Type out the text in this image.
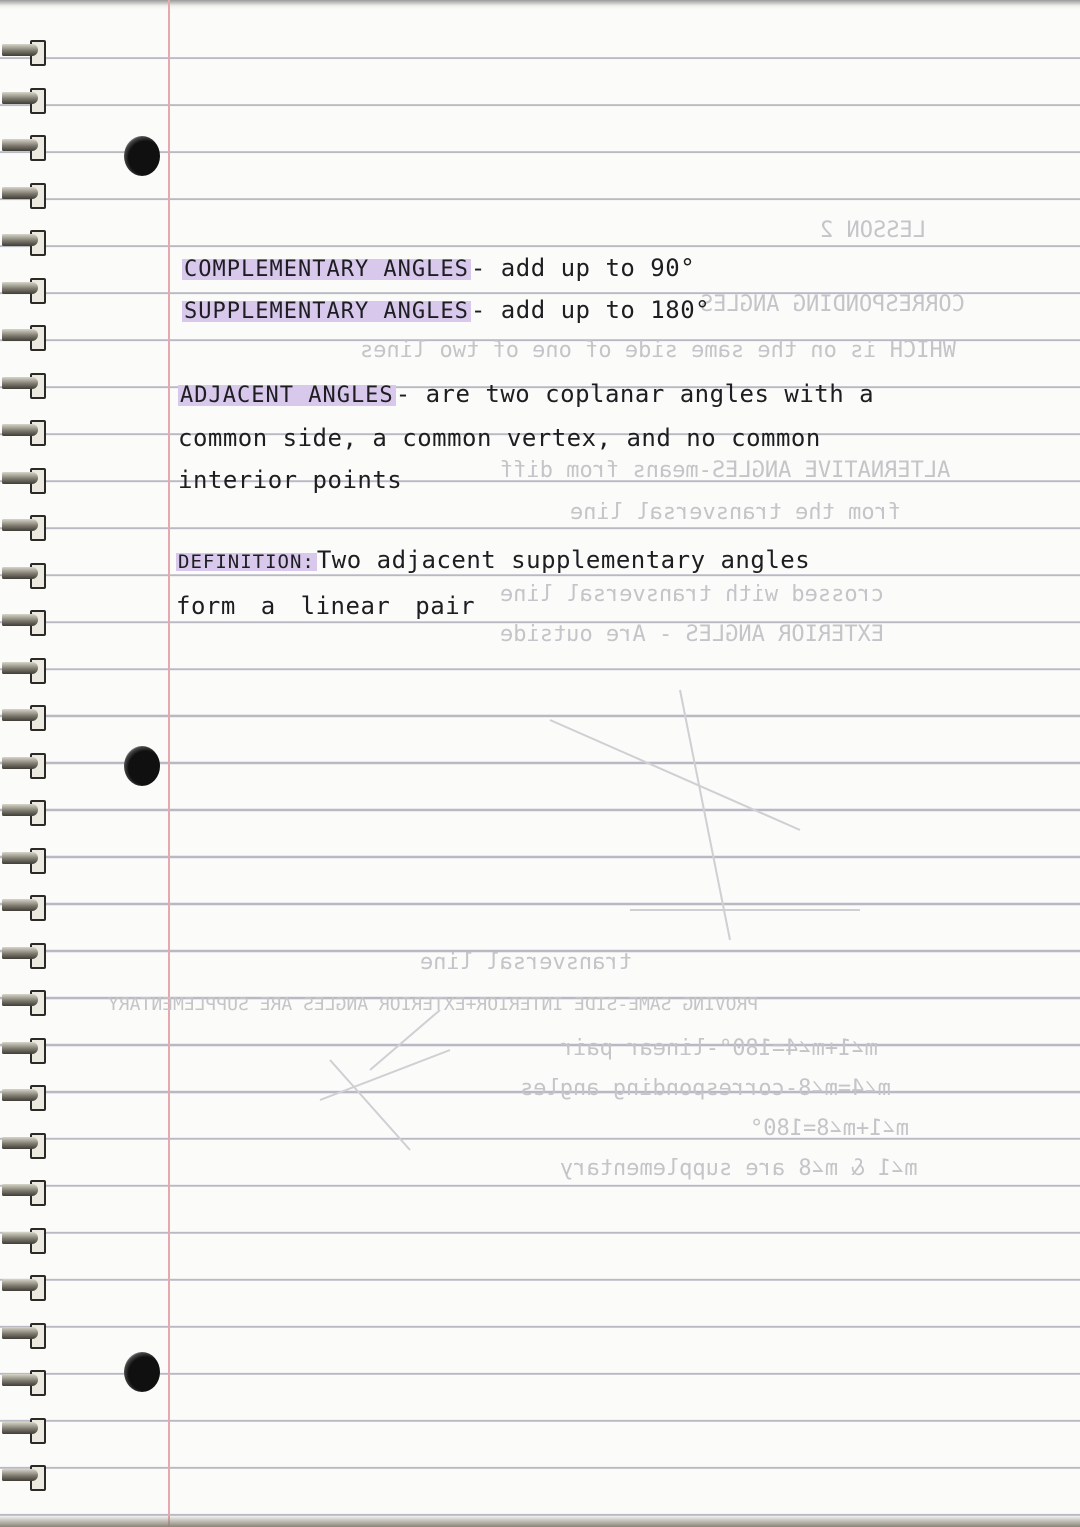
LESSON 2

CORRESPONDING ANGLES

WHICH is on the same side of one of two lines

ALTERNATIVE ANGLES-means from diff

from the transversal line

crossed with transversal line

EXTERIOR ANGLES - Are outside

transversal line

PROVING SAME-SIDE INTERIOR+EXTERIOR ANGLES ARE SUPPLEMENTARY

m∠1+m∠4=180°-linear pair

m∠4=m∠8-corresponding angles

m∠1+m∠8=180°

m∠1 & m∠8 are supplementary

COMPLEMENTARY ANGLES- add up to 90°

SUPPLEMENTARY ANGLES- add up to 180°

ADJACENT ANGLES- are two coplanar angles with a

common side, a common vertex, and no common

interior points

DEFINITION:Two adjacent supplementary angles

form a linear pair
